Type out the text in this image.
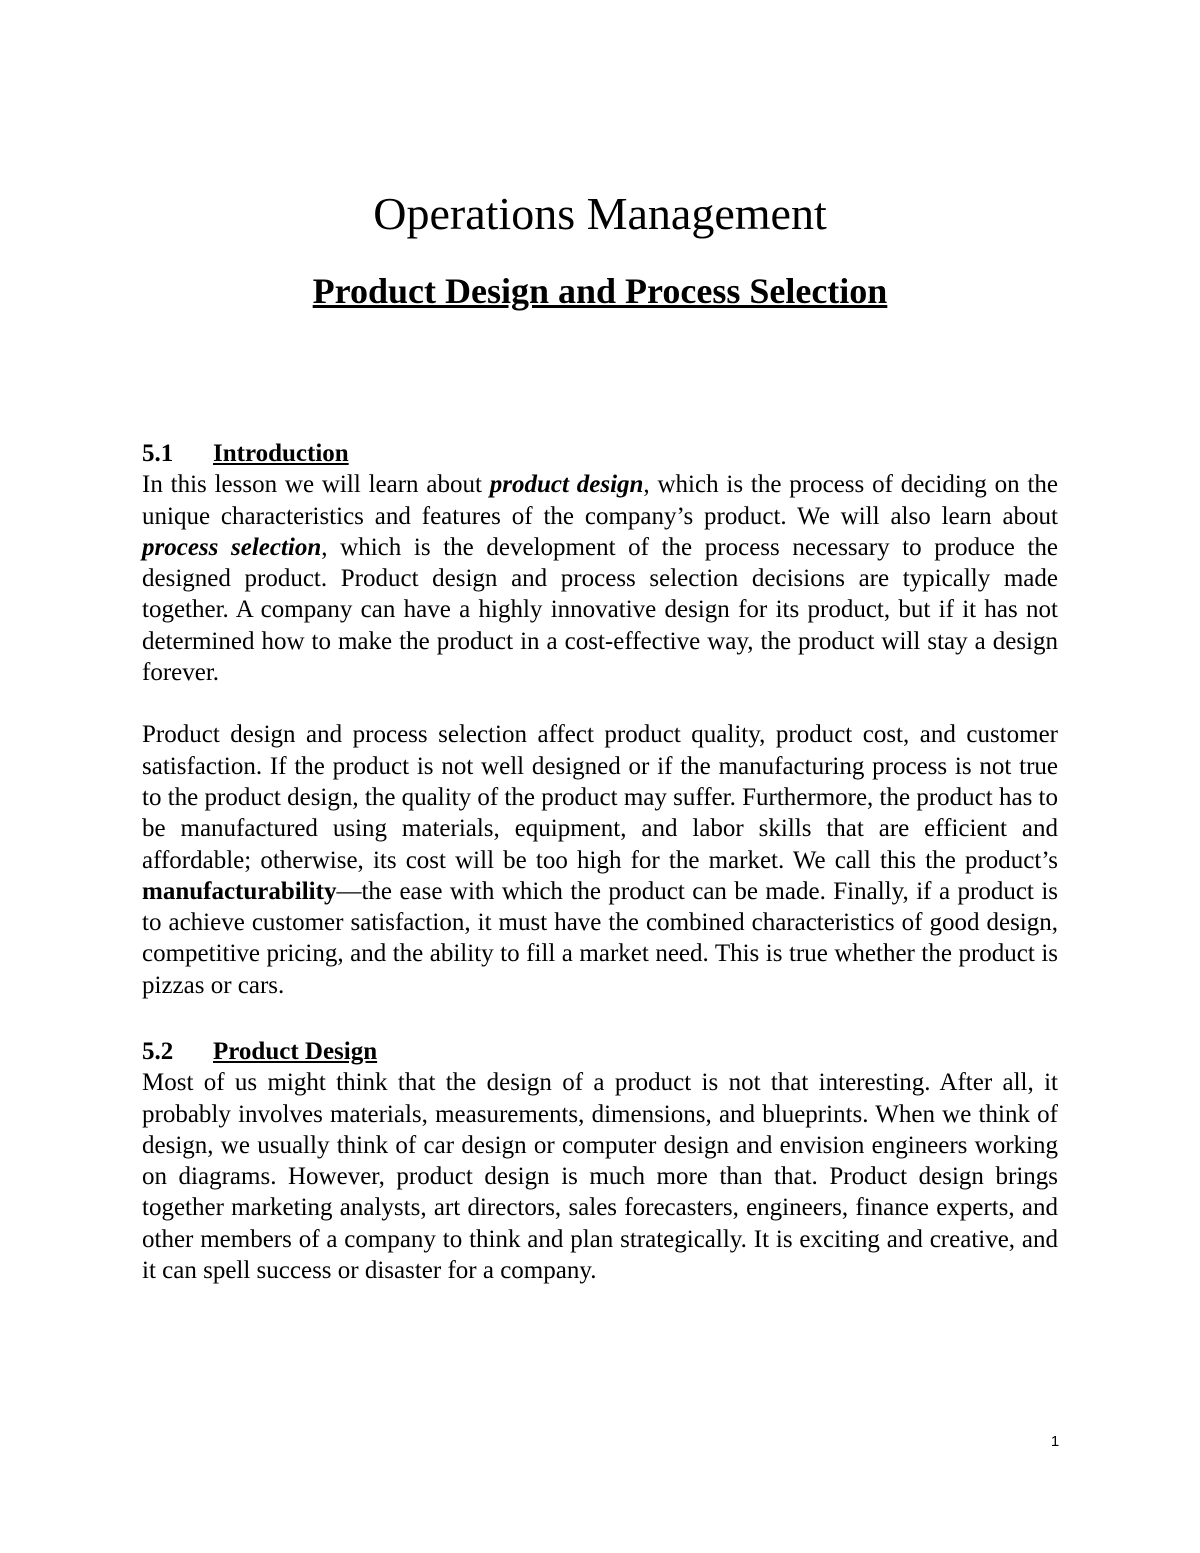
Operations Management
Product Design and Process Selection

5.1 Introduction

In this lesson we will learn about product design, which is the process of deciding on the unique characteristics and features of the company’s product. We will also learn about process selection, which is the development of the process necessary to produce the designed product. Product design and process selection decisions are typically made together. A company can have a highly innovative design for its product, but if it has not determined how to make the product in a cost-effective way, the product will stay a design forever.

Product design and process selection affect product quality, product cost, and customer satisfaction. If the product is not well designed or if the manufacturing process is not true to the product design, the quality of the product may suffer. Furthermore, the product has to be manufactured using materials, equipment, and labor skills that are efficient and affordable; otherwise, its cost will be too high for the market. We call this the product’s manufacturability—the ease with which the product can be made. Finally, if a product is to achieve customer satisfaction, it must have the combined characteristics of good design, competitive pricing, and the ability to fill a market need. This is true whether the product is pizzas or cars.

5.2 Product Design

Most of us might think that the design of a product is not that interesting. After all, it probably involves materials, measurements, dimensions, and blueprints. When we think of design, we usually think of car design or computer design and envision engineers working on diagrams. However, product design is much more than that. Product design brings together marketing analysts, art directors, sales forecasters, engineers, finance experts, and other members of a company to think and plan strategically. It is exciting and creative, and it can spell success or disaster for a company.

1
